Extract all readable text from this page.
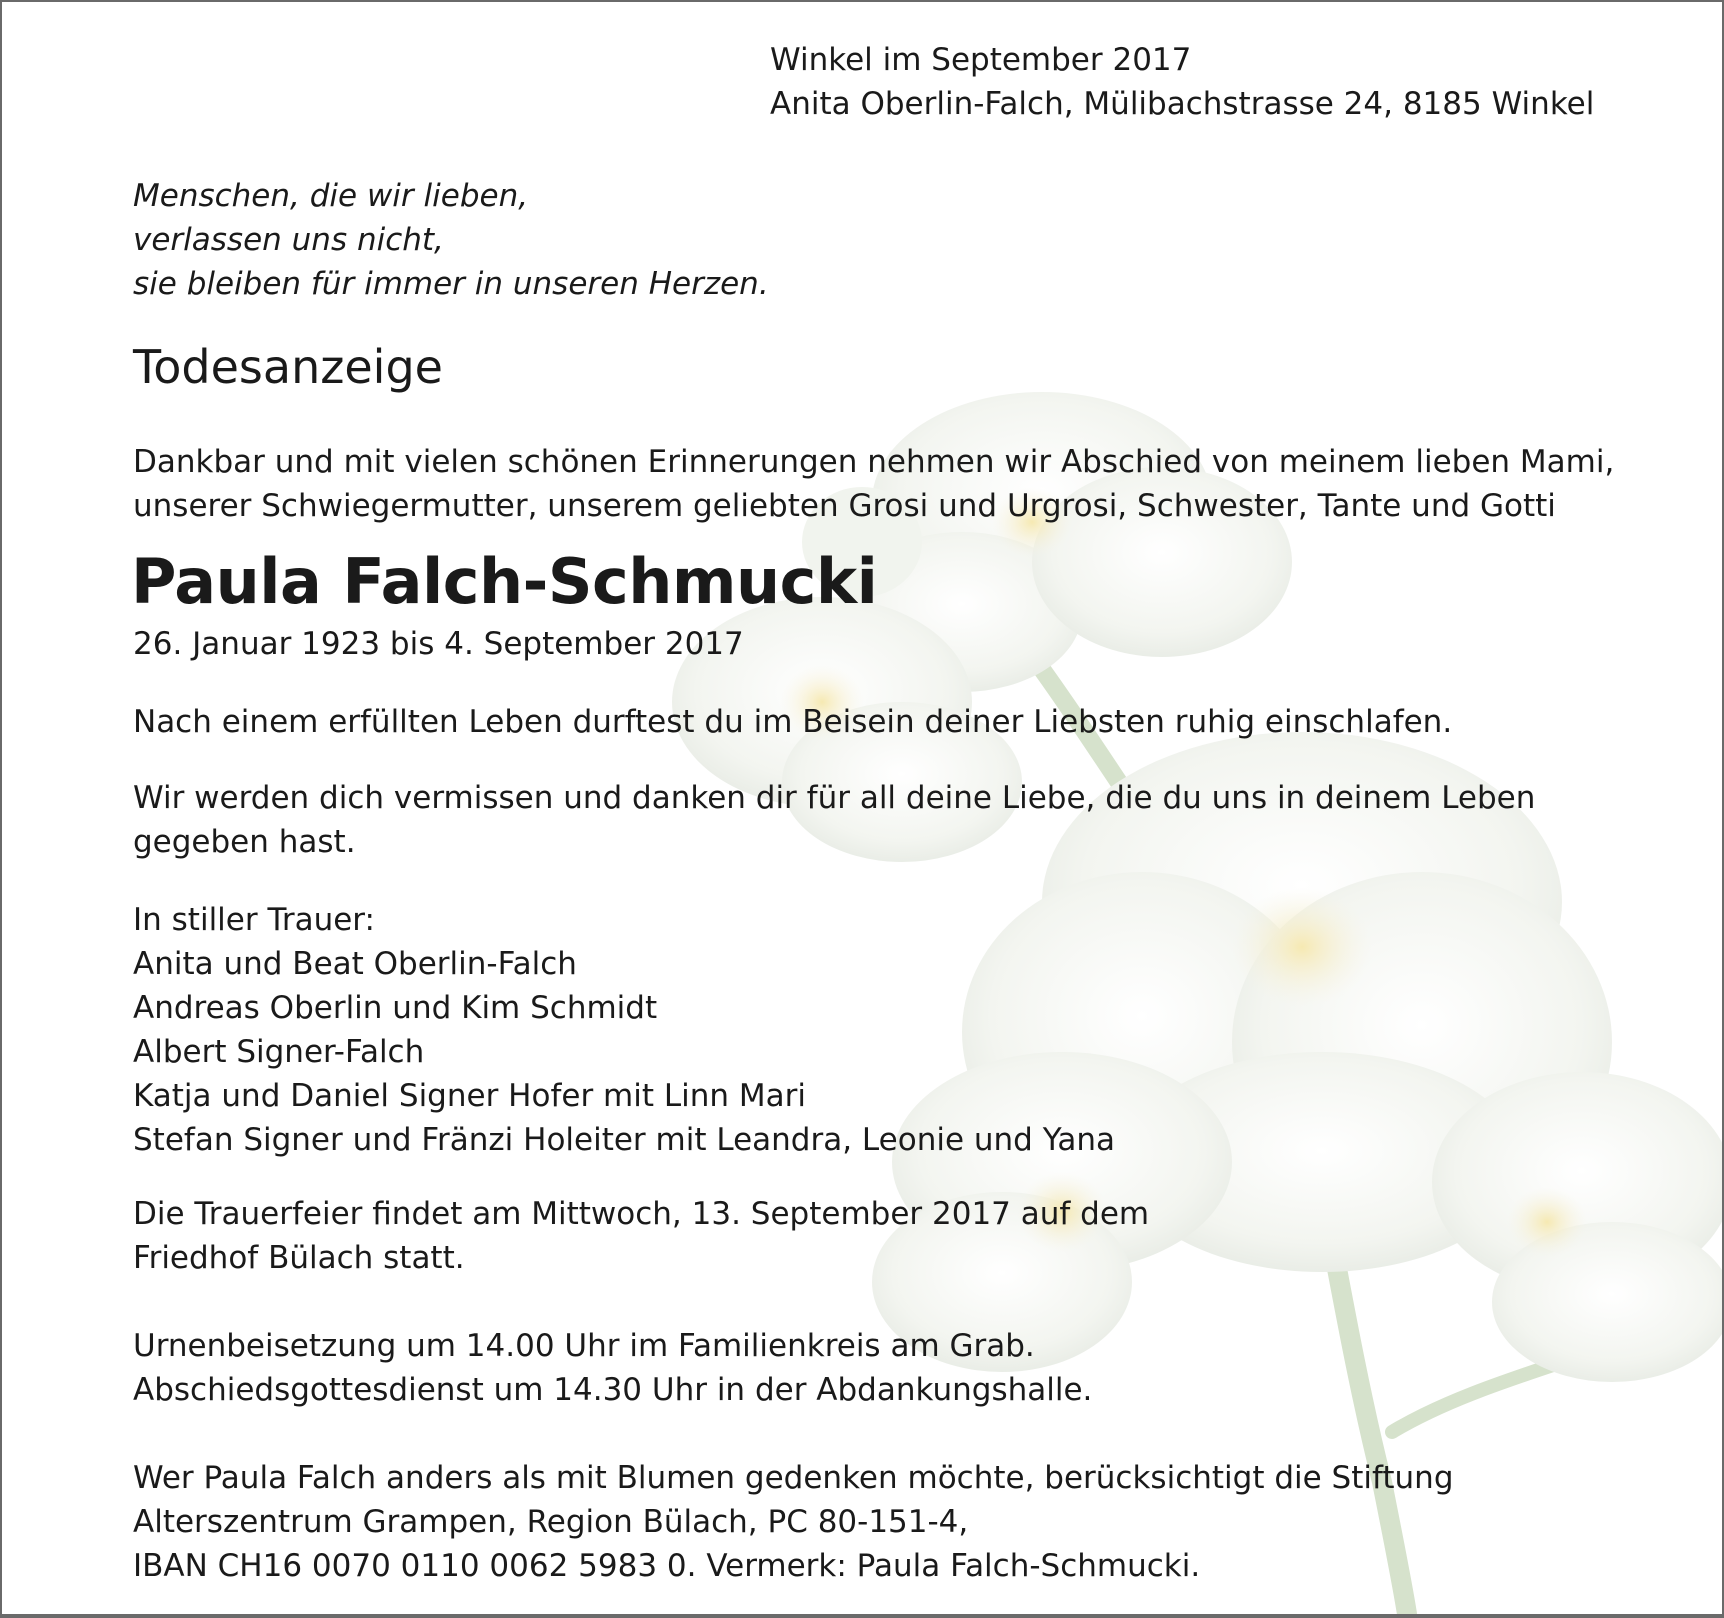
Winkel im September 2017
Anita Oberlin-Falch, Mülibachstrasse 24, 8185 Winkel
Menschen, die wir lieben,
verlassen uns nicht,
sie bleiben für immer in unseren Herzen.
Todesanzeige
Dankbar und mit vielen schönen Erinnerungen nehmen wir Abschied von meinem lieben Mami,
unserer Schwiegermutter, unserem geliebten Grosi und Urgrosi, Schwester, Tante und Gotti
Paula Falch-Schmucki
26. Januar 1923 bis 4. September 2017
Nach einem erfüllten Leben durftest du im Beisein deiner Liebsten ruhig einschlafen.
Wir werden dich vermissen und danken dir für all deine Liebe, die du uns in deinem Leben
gegeben hast.
In stiller Trauer:
Anita und Beat Oberlin-Falch
Andreas Oberlin und Kim Schmidt
Albert Signer-Falch
Katja und Daniel Signer Hofer mit Linn Mari
Stefan Signer und Fränzi Holeiter mit Leandra, Leonie und Yana
Die Trauerfeier findet am Mittwoch, 13. September 2017 auf dem
Friedhof Bülach statt.
Urnenbeisetzung um 14.00 Uhr im Familienkreis am Grab.
Abschiedsgottesdienst um 14.30 Uhr in der Abdankungshalle.
Wer Paula Falch anders als mit Blumen gedenken möchte, berücksichtigt die Stiftung
Alterszentrum Grampen, Region Bülach, PC 80-151-4,
IBAN CH16 0070 0110 0062 5983 0. Vermerk: Paula Falch-Schmucki.
